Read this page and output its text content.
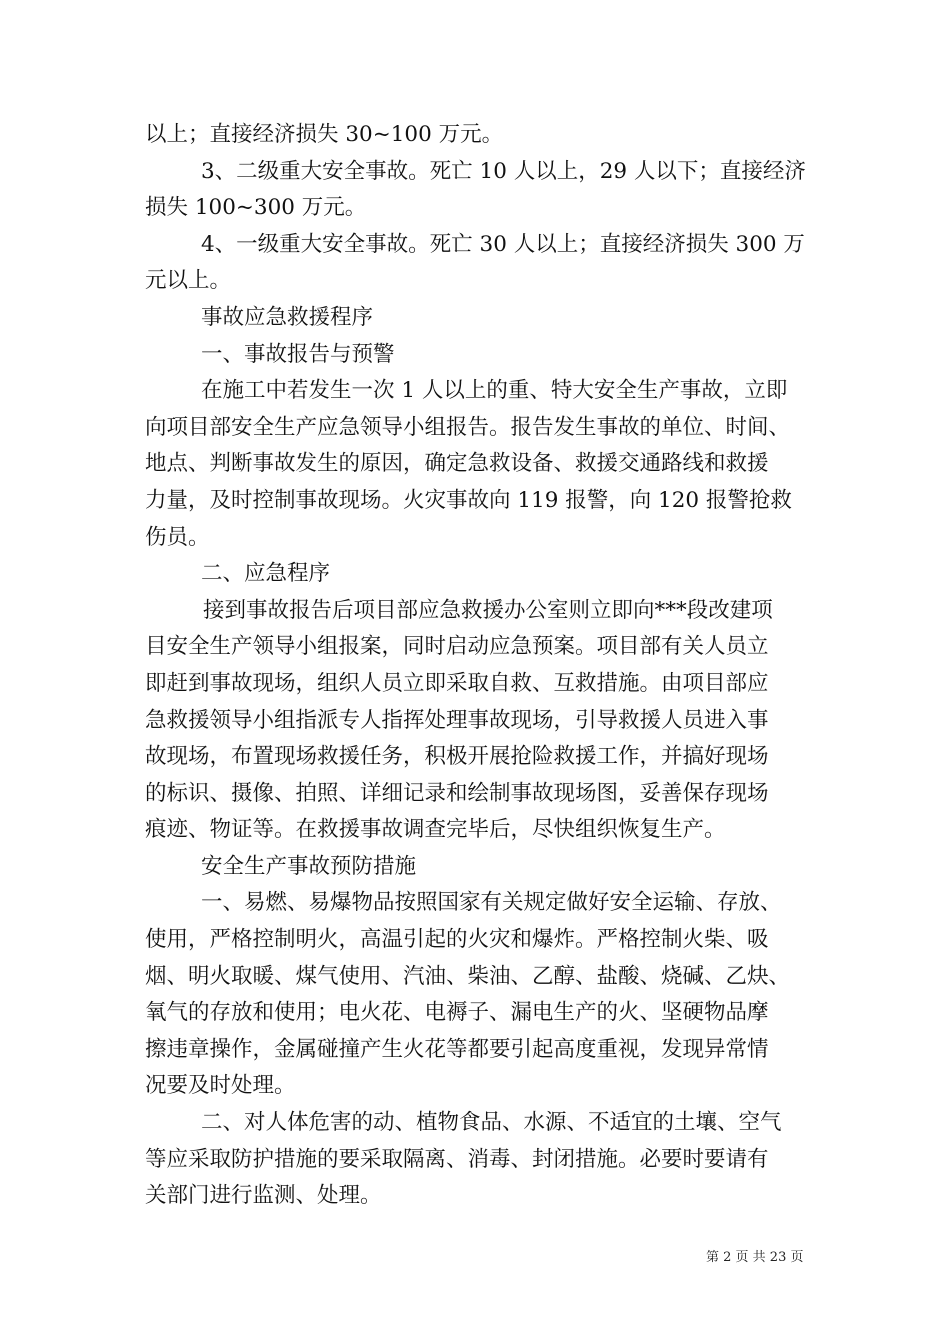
以上；直接经济损失 30~100 万元。
3、二级重大安全事故。死亡 10 人以上，29 人以下；直接经济
损失 100~300 万元。
4、一级重大安全事故。死亡 30 人以上；直接经济损失 300 万
元以上。
事故应急救援程序
一、事故报告与预警
在施工中若发生一次 1 人以上的重、特大安全生产事故，立即
向项目部安全生产应急领导小组报告。报告发生事故的单位、时间、
地点、判断事故发生的原因，确定急救设备、救援交通路线和救援
力量，及时控制事故现场。火灾事故向 119 报警，向 120 报警抢救
伤员。
二、应急程序
接到事故报告后项目部应急救援办公室则立即向***段改建项
目安全生产领导小组报案，同时启动应急预案。项目部有关人员立
即赶到事故现场，组织人员立即采取自救、互救措施。由项目部应
急救援领导小组指派专人指挥处理事故现场，引导救援人员进入事
故现场，布置现场救援任务，积极开展抢险救援工作，并搞好现场
的标识、摄像、拍照、详细记录和绘制事故现场图，妥善保存现场
痕迹、物证等。在救援事故调查完毕后，尽快组织恢复生产。
安全生产事故预防措施
一、易燃、易爆物品按照国家有关规定做好安全运输、存放、
使用，严格控制明火，高温引起的火灾和爆炸。严格控制火柴、吸
烟、明火取暖、煤气使用、汽油、柴油、乙醇、盐酸、烧碱、乙炔、
氧气的存放和使用；电火花、电褥子、漏电生产的火、坚硬物品摩
擦违章操作，金属碰撞产生火花等都要引起高度重视，发现异常情
况要及时处理。
二、对人体危害的动、植物食品、水源、不适宜的土壤、空气
等应采取防护措施的要采取隔离、消毒、封闭措施。必要时要请有
关部门进行监测、处理。
第 2 页 共 23 页
